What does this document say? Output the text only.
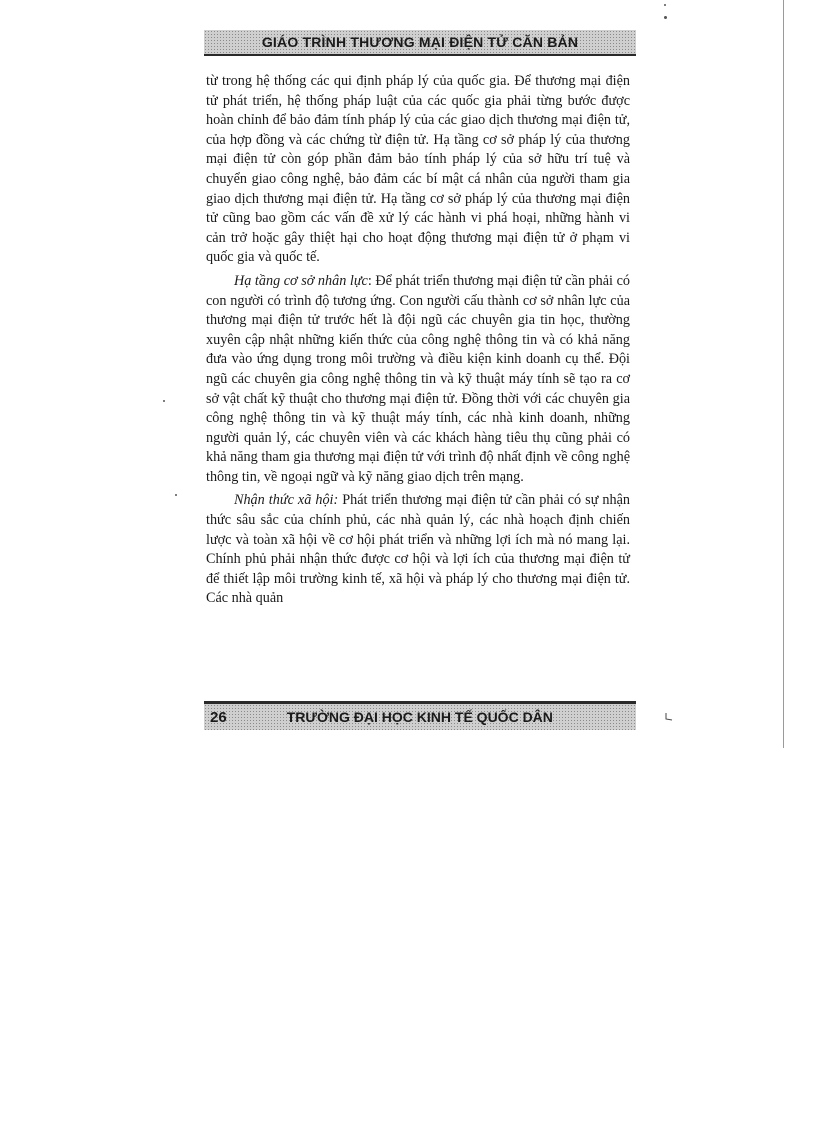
GIÁO TRÌNH THƯƠNG MẠI ĐIỆN TỬ CĂN BẢN

từ trong hệ thống các qui định pháp lý của quốc gia. Để thương mại điện tử phát triển, hệ thống pháp luật của các quốc gia phải từng bước được hoàn chỉnh để bảo đảm tính pháp lý của các giao dịch thương mại điện tử, của hợp đồng và các chứng từ điện tử. Hạ tầng cơ sở pháp lý của thương mại điện tử còn góp phần đảm bảo tính pháp lý của sở hữu trí tuệ và chuyển giao công nghệ, bảo đảm các bí mật cá nhân của người tham gia giao dịch thương mại điện tử. Hạ tầng cơ sở pháp lý của thương mại điện tử cũng bao gồm các vấn đề xử lý các hành vi phá hoại, những hành vi cản trở hoặc gây thiệt hại cho hoạt động thương mại điện tử ở phạm vi quốc gia và quốc tế.

Hạ tầng cơ sở nhân lực: Để phát triển thương mại điện tử cần phải có con người có trình độ tương ứng. Con người cấu thành cơ sở nhân lực của thương mại điện tử trước hết là đội ngũ các chuyên gia tin học, thường xuyên cập nhật những kiến thức của công nghệ thông tin và có khả năng đưa vào ứng dụng trong môi trường và điều kiện kinh doanh cụ thể. Đội ngũ các chuyên gia công nghệ thông tin và kỹ thuật máy tính sẽ tạo ra cơ sở vật chất kỹ thuật cho thương mại điện tử. Đồng thời với các chuyên gia công nghệ thông tin và kỹ thuật máy tính, các nhà kinh doanh, những người quản lý, các chuyên viên và các khách hàng tiêu thụ cũng phải có khả năng tham gia thương mại điện tử với trình độ nhất định về công nghệ thông tin, về ngoại ngữ và kỹ năng giao dịch trên mạng.

Nhận thức xã hội: Phát triển thương mại điện tử cần phải có sự nhận thức sâu sắc của chính phủ, các nhà quản lý, các nhà hoạch định chiến lược và toàn xã hội về cơ hội phát triển và những lợi ích mà nó mang lại. Chính phủ phải nhận thức được cơ hội và lợi ích của thương mại điện tử để thiết lập môi trường kinh tế, xã hội và pháp lý cho thương mại điện tử. Các nhà quản

26	TRƯỜNG ĐẠI HỌC KINH TẾ QUỐC DÂN
